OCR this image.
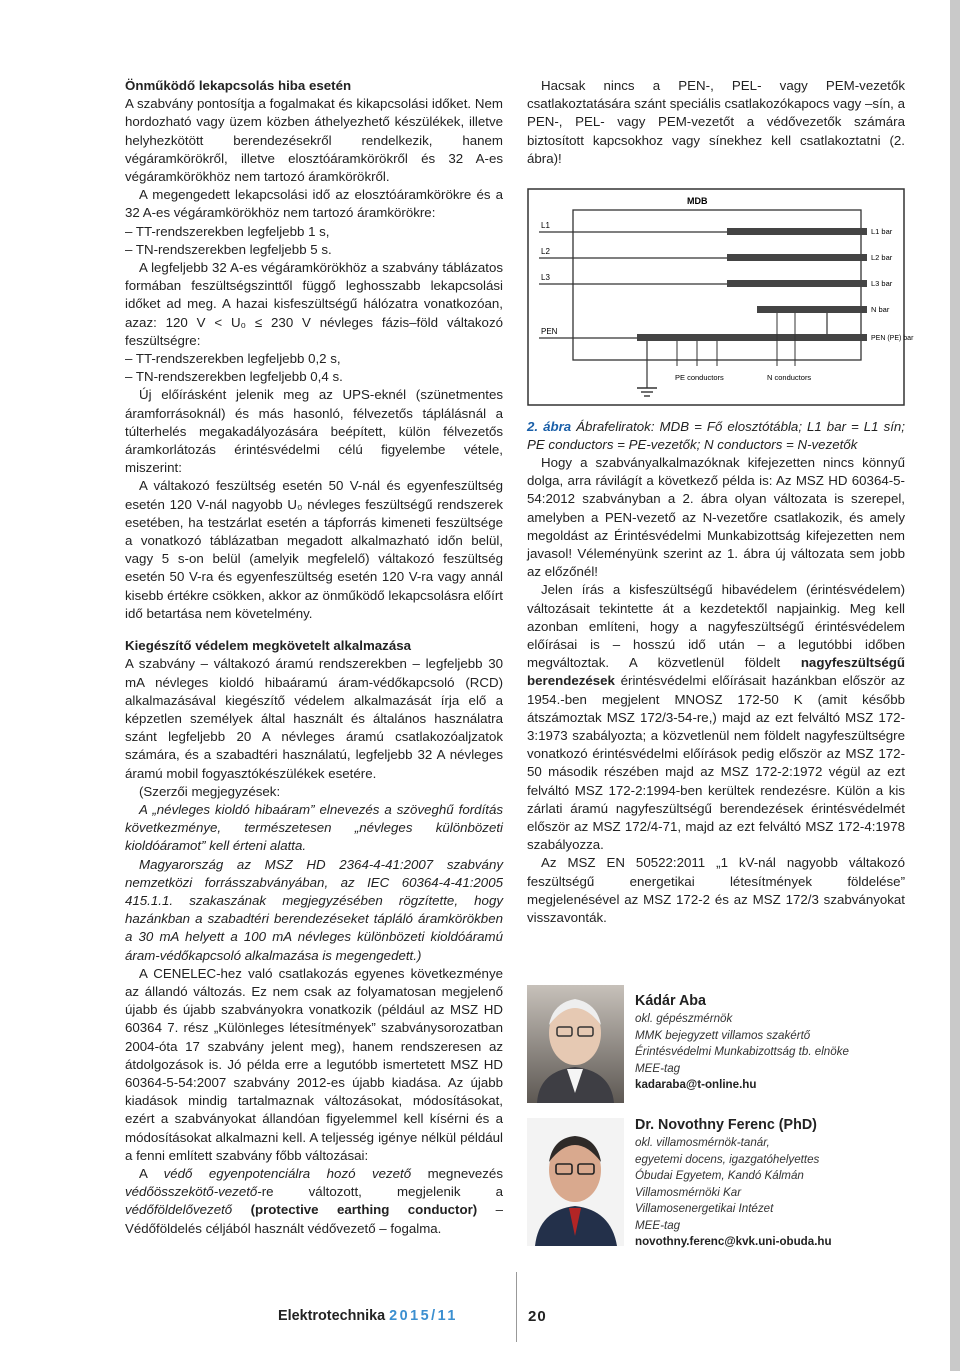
Önműködő lekapcsolás hiba esetén

A szabvány pontosítja a fogalmakat és kikapcsolási időket. Nem hordozható vagy üzem közben áthelyezhető készülékek, illetve helyhezkötött berendezésekről rendelkezik, hanem végáramkörökről, illetve elosztóáramkörökről és 32 A-es végáramkörökhöz nem tartozó áramkörökről.

A megengedett lekapcsolási idő az elosztóáramkörökre és a 32 A-es végáramkörökhöz nem tartozó áramkörökre:

– TT-rendszerekben legfeljebb 1 s,

– TN-rendszerekben legfeljebb 5 s.

A legfeljebb 32 A-es végáramkörökhöz a szabvány táblázatos formában feszültségszinttől függő leghosszabb lekapcsolási időket ad meg. A hazai kisfeszültségű hálózatra vonatkozóan, azaz: 120 V < U₀ ≤ 230 V névleges fázis–föld váltakozó feszültségre:

– TT-rendszerekben legfeljebb 0,2 s,

– TN-rendszerekben legfeljebb 0,4 s.

Új előírásként jelenik meg az UPS-eknél (szünetmentes áramforrásoknál) és más hasonló, félvezetős táplálásnál a túlterhelés megakadályozására beépített, külön félvezetős áramkorlátozás érintésvédelmi célú figyelembe vétele, miszerint:

A váltakozó feszültség esetén 50 V-nál és egyenfeszültség esetén 120 V-nál nagyobb U₀ névleges feszültségű rendszerek esetében, ha testzárlat esetén a tápforrás kimeneti feszültsége a vonatkozó táblázatban megadott alkalmazható időn belül, vagy 5 s-on belül (amelyik megfelelő) váltakozó feszültség esetén 50 V-ra és egyenfeszültség esetén 120 V-ra vagy annál kisebb értékre csökken, akkor az önműködő lekapcsolásra előírt idő betartása nem követelmény.

Kiegészítő védelem megkövetelt alkalmazása

A szabvány – váltakozó áramú rendszerekben – legfeljebb 30 mA névleges kioldó hibaáramú áram-védőkapcsoló (RCD) alkalmazásával kiegészítő védelem alkalmazását írja elő a képzetlen személyek által használt és általános használatra szánt legfeljebb 20 A névleges áramú csatlakozóaljzatok számára, és a szabadtéri használatú, legfeljebb 32 A névleges áramú mobil fogyasztókészülékek esetére.

(Szerzői megjegyzések:

A „névleges kioldó hibaáram” elnevezés a szöveghű fordítás következménye, természetesen „névleges különbözeti kioldóáramot” kell érteni alatta.

Magyarország az MSZ HD 2364-4-41:2007 szabvány nemzetközi forrásszabványában, az IEC 60364-4-41:2005 415.1.1. szakaszának megjegyzésében rögzítette, hogy hazánkban a szabadtéri berendezéseket tápláló áramkörökben a 30 mA helyett a 100 mA névleges különbözeti kioldóáramú áram-védőkapcsoló alkalmazása is megengedett.)

A CENELEC-hez való csatlakozás egyenes következménye az állandó változás. Ez nem csak az folyamatosan megjelenő újabb és újabb szabványokra vonatkozik (például az MSZ HD 60364 7. rész „Különleges létesítmények” szabványsorozatban 2004-óta 17 szabvány jelent meg), hanem rendszeresen az átdolgozások is. Jó példa erre a legutóbb ismertetett MSZ HD 60364-5-54:2007 szabvány 2012-es újabb kiadása. Az újabb kiadások mindig tartalmaznak változásokat, módosításokat, ezért a szabványokat állandóan figyelemmel kell kísérni és a módosításokat alkalmazni kell. A teljesség igénye nélkül például a fenni említett szabvány főbb változásai:

A védő egyenpotenciálra hozó vezető megnevezés védőösszekötő-vezető-re változott, megjelenik a védőföldelővezető (protective earthing conductor) – Védőföldelés céljából használt védővezető – fogalma.

Hacsak nincs a PEN-, PEL- vagy PEM-vezetők csatlakoztatására szánt speciális csatlakozókapocs vagy –sín, a PEN-, PEL- vagy PEM-vezetőt a védővezetők számára biztosított kapcsokhoz vagy sínekhez kell csatlakoztatni (2. ábra)!

MDB
L1
L2
L3
PEN
L1 bar
L2 bar
L3 bar
N bar
PEN (PE) bar
PE conductors	N conductors

2. ábra Ábrafeliratok: MDB = Fő elosztótábla; L1 bar = L1 sín; PE conductors = PE-vezetők; N conductors = N-vezetők

Hogy a szabványalkalmazóknak kifejezetten nincs könnyű dolga, arra rávilágít a következő példa is: Az MSZ HD 60364-5-54:2012 szabványban a 2. ábra olyan változata is szerepel, amelyben a PEN-vezető az N-vezetőre csatlakozik, és amely megoldást az Érintésvédelmi Munkabizottság kifejezetten nem javasol! Véleményünk szerint az 1. ábra új változata sem jobb az előzőnél!

Jelen írás a kisfeszültségű hibavédelem (érintésvédelem) változásait tekintette át a kezdetektől napjainkig. Meg kell azonban említeni, hogy a nagyfeszültségű érintésvédelem előírásai is – hosszú idő után – a legutóbbi időben megváltoztak. A közvetlenül földelt nagyfeszültségű berendezések érintésvédelmi előírásait hazánkban először az 1954.-ben megjelent MNOSZ 172-50 K (amit később átszámoztak MSZ 172/3-54-re,) majd az ezt felváltó MSZ 172-3:1973 szabályozta; a közvetlenül nem földelt nagyfeszültségre vonatkozó érintésvédelmi előírások pedig először az MSZ 172-50 második részében majd az MSZ 172-2:1972 végül az ezt felváltó MSZ 172-2:1994-ben kerültek rendezésre. Külön a kis zárlati áramú nagyfeszültségű berendezések érintésvédelmét először az MSZ 172/4-71, majd az ezt felváltó MSZ 172-4:1978 szabályozza.

Az MSZ EN 50522:2011 „1 kV-nál nagyobb váltakozó feszültségű energetikai létesítmények földelése” megjelenésével az MSZ 172-2 és az MSZ 172/3 szabványokat visszavonták.

Kádár Aba
okl. gépészmérnök
MMK bejegyzett villamos szakértő
Érintésvédelmi Munkabizottság tb. elnöke
MEE-tag
kadaraba@t-online.hu
Dr. Novothny Ferenc (PhD)
okl. villamosmérnök-tanár,
egyetemi docens, igazgatóhelyettes
Óbudai Egyetem, Kandó Kálmán
Villamosmérnöki Kar
Villamosenergetikai Intézet
MEE-tag
novothny.ferenc@kvk.uni-obuda.hu
Elektrotechnika 2015/11	20
